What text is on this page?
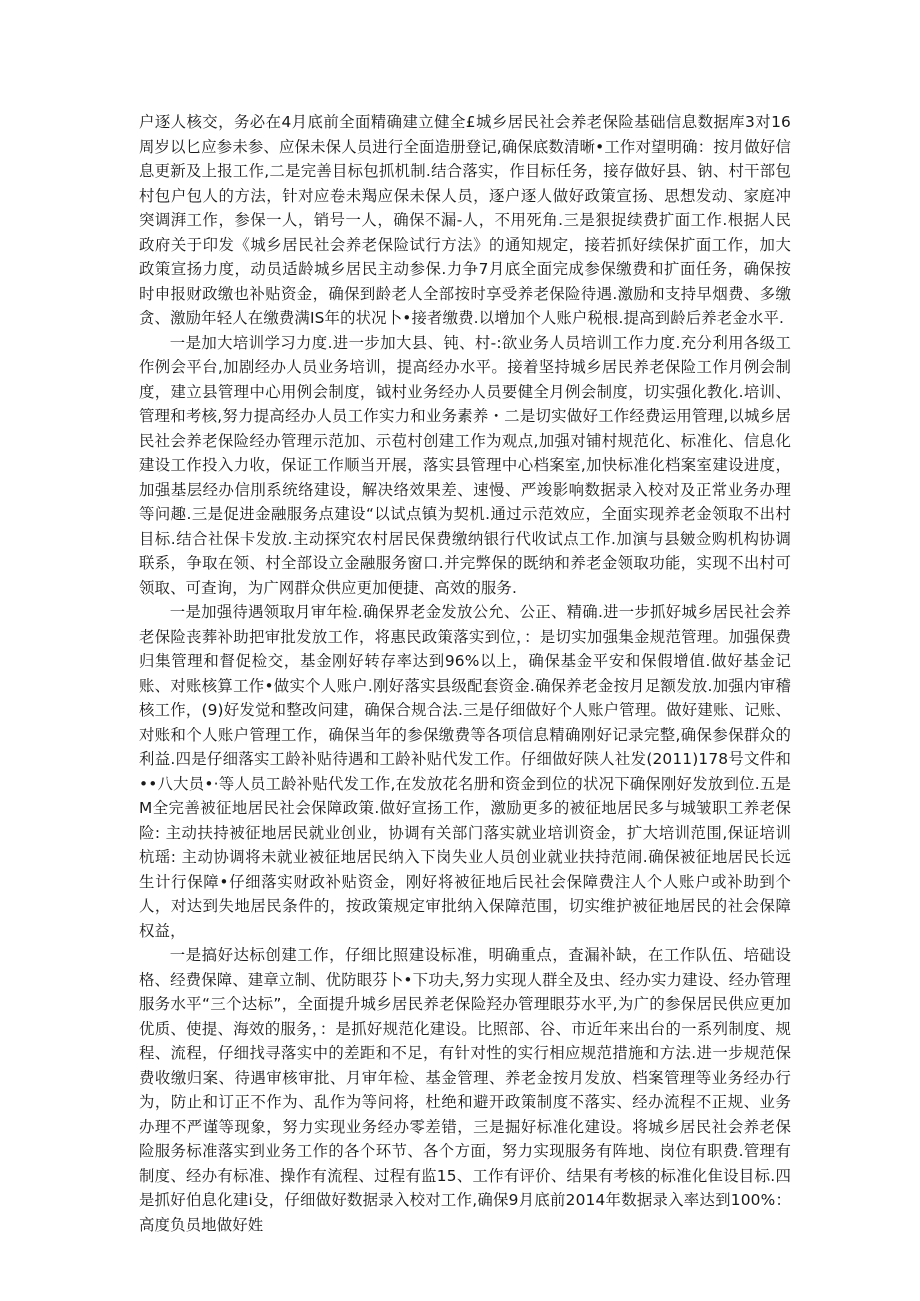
户逐人核交，务必在4月底前全面精确建立健全£城乡居民社会养老保险基础信息数据库3对16周岁以匕应参未参、应保未保人员进行全面造册登记,确保底数清晰•工作对望明确：按月做好信息更新及上报工作,二是完善目标包抓机制.结合落实，作目标任务，接存做好县、钠、村干部包村包户包人的方法，针对应卷未羯应保未保人员，逐户逐人做好政策宣扬、思想发动、家庭冲突调湃工作，参保一人，销号一人，确保不漏-人，不用死角.三是狠捉续费扩面工作.根据人民政府关于印发《城乡居民社会养老保险试行方法》的通知规定，接若抓好续保扩面工作，加大政策宣扬力度，动员适龄城乡居民主动参保.力争7月底全面完成参保缴费和扩面任务，确保按时申报财政缴也补贴资金，确保到龄老人全部按时享受养老保险待遇.激励和支持早烟费、多缴贪、激励年轻人在缴费满IS年的状况卜•接者缴费.以增加个人账户税根.提高到龄后养老金水平.

一是加大培训学习力度.进一步加大县、钝、村-:欲业务人员培训工作力度.充分利用各级工作例会平台,加剧经办人员业务培训，提高经办水平。接着坚持城乡居民养老保险工作月例会制度，建立县管理中心用例会制度，钺村业务经办人员要健全月例会制度，切实强化教化.培训、管理和考核,努力提高经办人员工作实力和业务素养・二是切实做好工作经费运用管理,以城乡居民社会养老保险经办管理示范加、示苞村创建工作为观点,加强对铺村规范化、标准化、信息化建设工作投入力收，保证工作顺当开展，落实县管理中心档案室,加快标准化档案室建设进度，加强基层经办信刖系统络建设，解决络效果差、速慢、严竣影响数据录入校对及正常业务办理等问趣.三是促进金融服务点建设“以试点镇为契机.通过示范效应，全面实现养老金领取不出村目标.结合社保卡发放.主动探究农村居民保费缴纳银行代收试点工作.加演与县皴佥购机构协调联系，争取在领、村全部设立金融服务窗口.并完弊保的既纳和养老金领取功能，实现不出村可领取、可查询，为广网群众供应更加便捷、高效的服务.

一是加强待遇领取月审年检.确保界老金发放公允、公正、精确.进一步抓好城乡居民社会养老保险丧葬补助把审批发放工作，将惠民政策落实到位，：是切实加强集金规范管理。加强保费归集管理和督促检交，基金刚好转存率达到96%以上，确保基金平安和保假增值.做好基金记账、对账核算工作•做实个人账户.刚好落实县级配套资金.确保养老金按月足额发放.加强内审稽核工作，(9)好发觉和整改问建，确保合规合法.三是仔细做好个人账户管理。做好建账、记账、对账和个人账户管理工作，确保当年的参保缴费等各项信息精确刚好记录完整,确保参保群众的利益.四是仔细落实工龄补贴待遇和工龄补贴代发工作。仔细做好陕人社发(2011)178号文件和••八大员•·等人员工龄补贴代发工作,在发放花名册和资金到位的状况下确保刚好发放到位.五是M全完善被征地居民社会保障政策.做好宣扬工作，激励更多的被征地居民多与城皱职工养老保险: 主动扶持被征地居民就业创业，协调有关部门落实就业培训资金，扩大培训范围,保证培训杭瑶: 主动协调将未就业被征地居民纳入下岗失业人员创业就业扶持范闹.确保被征地居民长远生计行保障•仔细落实财政补贴资金，刚好将被征地后民社会保障费注人个人账户或补助到个人，对达到失地居民条件的，按政策规定审批纳入保障范围，切实维护被征地居民的社会保障权益，

一是搞好达标创建工作，仔细比照建设标准，明确重点，査漏补缺，在工作队伍、培础设格、经费保障、建章立制、优防眼芬卜•下功夫,努力实现人群全及虫、经办实力建设、经办管理服务水平“三个达标”，全面提升城乡居民养老保险羟办管理眼芬水平,为广的参保居民供应更加优质、使提、海效的服务，：是抓好规范化建设。比照部、谷、市近年来出台的一系列制度、规程、流程，仔细找寻落实中的差距和不足，有针对性的实行相应规范措施和方法.进一步规范保费收缴归案、待遇审核审批、月审年检、基金管理、养老金按月发放、档案管理等业务经办行为，防止和订正不作为、乱作为等问将，杜绝和避开政策制度不落实、经办流程不正规、业务办理不严谨等现象，努力实现业务经办零差错，三是掘好标准化建设。将城乡居民社会养老保险服务标准落实到业务工作的各个环节、各个方面，努力实现服务有阵地、岗位有职费.管理有制度、经办有标准、操作有流程、过程有监15、工作有评价、结果有考核的标准化隹设目标.四是抓好伯息化建i殳，仔细做好数据录入校对工作,确保9月底前2014年数据录入率达到100%：高度负员地做好姓
